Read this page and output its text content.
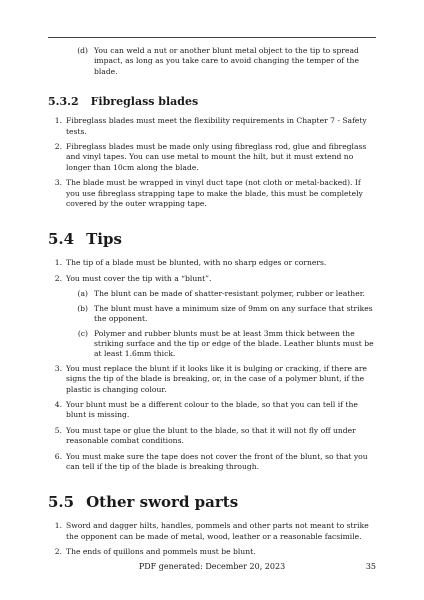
(d) You can weld a nut or another blunt metal object to the tip to spread impact, as long as you take care to avoid changing the temper of the blade.
5.3.2 Fibreglass blades
1. Fibreglass blades must meet the flexibility requirements in Chapter 7 - Safety tests.
2. Fibreglass blades must be made only using fibreglass rod, glue and fibreglass and vinyl tapes. You can use metal to mount the hilt, but it must extend no longer than 10cm along the blade.
3. The blade must be wrapped in vinyl duct tape (not cloth or metal-backed). If you use fibreglass strapping tape to make the blade, this must be completely covered by the outer wrapping tape.
5.4 Tips
1. The tip of a blade must be blunted, with no sharp edges or corners.
2. You must cover the tip with a “blunt”.
(a) The blunt can be made of shatter-resistant polymer, rubber or leather.
(b) The blunt must have a minimum size of 9mm on any surface that strikes the opponent.
(c) Polymer and rubber blunts must be at least 3mm thick between the striking surface and the tip or edge of the blade. Leather blunts must be at least 1.6mm thick.
3. You must replace the blunt if it looks like it is bulging or cracking, if there are signs the tip of the blade is breaking, or, in the case of a polymer blunt, if the plastic is changing colour.
4. Your blunt must be a different colour to the blade, so that you can tell if the blunt is missing.
5. You must tape or glue the blunt to the blade, so that it will not fly off under reasonable combat conditions.
6. You must make sure the tape does not cover the front of the blunt, so that you can tell if the tip of the blade is breaking through.
5.5 Other sword parts
1. Sword and dagger hilts, handles, pommels and other parts not meant to strike the opponent can be made of metal, wood, leather or a reasonable facsimile.
2. The ends of quillons and pommels must be blunt.
PDF generated: December 20, 2023	35
